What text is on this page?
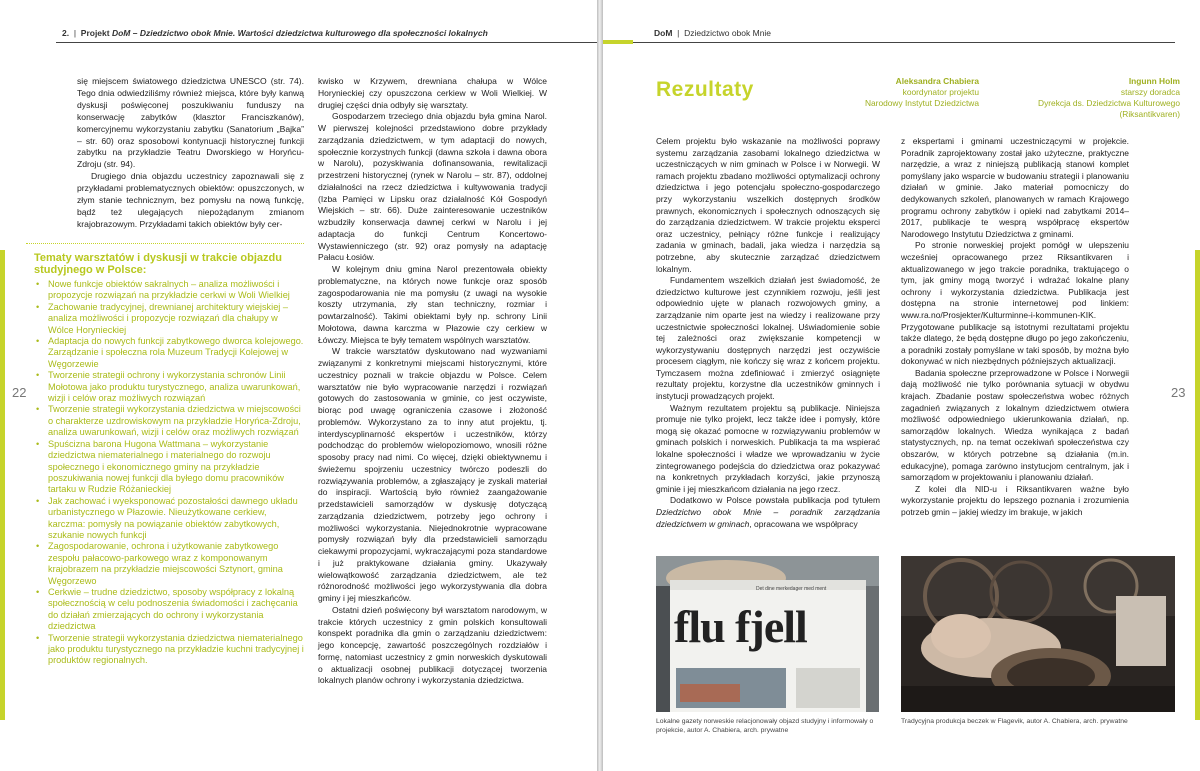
2. | Projekt DoM – Dziedzictwo obok Mnie. Wartości dziedzictwa kulturowego dla społeczności lokalnych
22

się miejscem światowego dziedzictwa UNESCO (str. 74). Tego dnia odwiedziliśmy również miejsca, które były kanwą dyskusji poświęconej poszukiwaniu funduszy na konserwację zabytków (klasztor Franciszkanów), komercyjnemu wykorzystaniu zabytku (Sanatorium „Bajka” – str. 60) oraz sposobowi kontynuacji historycznej funkcji zabytku na przykładzie Teatru Dworskiego w Horyńcu-Zdroju (str. 94).

Drugiego dnia objazdu uczestnicy zapoznawali się z przykładami problematycznych obiektów: opuszczonych, w złym stanie technicznym, bez pomysłu na nową funkcję, bądź też ulegających niepożądanym zmianom krajobrazowym. Przykładami takich obiektów były cer-

Tematy warsztatów i dyskusji w trakcie objazdu studyjnego w Polsce:
• Nowe funkcje obiektów sakralnych – analiza możliwości i propozycje rozwiązań na przykładzie cerkwi w Woli Wielkiej
• Zachowanie tradycyjnej, drewnianej architektury wiejskiej – analiza możliwości i propozycje rozwiązań dla chałupy w Wólce Horynieckiej
• Adaptacja do nowych funkcji zabytkowego dworca kolejowego. Zarządzanie i społeczna rola Muzeum Tradycji Kolejowej w Węgorzewie
• Tworzenie strategii ochrony i wykorzystania schronów Linii Mołotowa jako produktu turystycznego, analiza uwarunkowań, wizji i celów oraz możliwych rozwiązań
• Tworzenie strategii wykorzystania dziedzictwa w miejscowości o charakterze uzdrowiskowym na przykładzie Horyńca-Zdroju, analiza uwarunkowań, wizji i celów oraz możliwych rozwiązań
• Spuścizna barona Hugona Wattmana – wykorzystanie dziedzictwa niematerialnego i materialnego do rozwoju społecznego i ekonomicznego gminy na przykładzie poszukiwania nowej funkcji dla byłego domu pracowników tartaku w Rudzie Różanieckiej
• Jak zachować i wyeksponować pozostałości dawnego układu urbanistycznego w Płazowie. Nieużytkowane cerkiew, karczma: pomysły na powiązanie obiektów zabytkowych, szukanie nowych funkcji
• Zagospodarowanie, ochrona i użytkowanie zabytkowego zespołu pałacowo-parkowego wraz z komponowanym krajobrazem na przykładzie miejscowości Sztynort, gmina Węgorzewo
• Cerkwie – trudne dziedzictwo, sposoby współpracy z lokalną społecznością w celu podnoszenia świadomości i zachęcania do działań zmierzających do ochrony i wykorzystania dziedzictwa
• Tworzenie strategii wykorzystania dziedzictwa niematerialnego jako produktu turystycznego na przykładzie kuchni tradycyjnej i produktów regionalnych.

kwisko w Krzywem, drewniana chałupa w Wólce Horynieckiej czy opuszczona cerkiew w Woli Wielkiej. W drugiej części dnia odbyły się warsztaty.

Gospodarzem trzeciego dnia objazdu była gmina Narol. W pierwszej kolejności przedstawiono dobre przykłady zarządzania dziedzictwem, w tym adaptacji do nowych, społecznie korzystnych funkcji (dawna szkoła i dawna obora w Narolu), pozyskiwania dofinansowania, rewitalizacji przestrzeni historycznej (rynek w Narolu – str. 87), oddolnej działalności na rzecz dziedzictwa i kultywowania tradycji (Izba Pamięci w Lipsku oraz działalność Kół Gospodyń Wiejskich – str. 66). Duże zainteresowanie uczestników wzbudziły konserwacja dawnej cerkwi w Narolu i jej adaptacja do funkcji Centrum Koncertowo-Wystawienniczego (str. 92) oraz pomysły na adaptację Pałacu Łosiów.

W kolejnym dniu gmina Narol prezentowała obiekty problematyczne, na których nowe funkcje oraz sposób zagospodarowania nie ma pomysłu (z uwagi na wysokie koszty utrzymania, zły stan techniczny, rozmiar i powtarzalność). Takimi obiektami były np. schrony Linii Mołotowa, dawna karczma w Płazowie czy cerkiew w Łówczy. Miejsca te były tematem wspólnych warsztatów.

W trakcie warsztatów dyskutowano nad wyzwaniami związanymi z konkretnymi miejscami historycznymi, które uczestnicy poznali w trakcie objazdu w Polsce. Celem warsztatów nie było wypracowanie narzędzi i rozwiązań gotowych do zastosowania w gminie, co jest oczywiste, biorąc pod uwagę ograniczenia czasowe i złożoność problemów. Wykorzystano za to inny atut projektu, tj. interdyscyplinarność ekspertów i uczestników, którzy podchodząc do problemów wielopoziomowo, wnosili różne sposoby pracy nad nimi. Co więcej, dzięki obiektywnemu i świeżemu spojrzeniu uczestnicy twórczo podeszli do rozwiązywania problemów, a zgłaszający je zyskali materiał do inspiracji. Wartością było również zaangażowanie przedstawicieli samorządów w dyskusję dotyczącą zarządzania dziedzictwem, potrzeby jego ochrony i możliwości wykorzystania. Niejednokrotnie wypracowane pomysły rozwiązań były dla przedstawicieli samorządu ciekawymi propozycjami, wykraczającymi poza standardowe i już praktykowane działania gminy. Ukazywały wielowątkowość zarządzania dziedzictwem, ale też różnorodność możliwości jego wykorzystywania dla dobra gminy i jej mieszkańców.

Ostatni dzień poświęcony był warsztatom narodowym, w trakcie których uczestnicy z gmin polskich konsultowali konspekt poradnika dla gmin o zarządzaniu dziedzictwem: jego koncepcję, zawartość poszczególnych rozdziałów i formę, natomiast uczestnicy z gmin norweskich dyskutowali o aktualizacji osobnej publikacji dotyczącej tworzenia lokalnych planów ochrony i wykorzystania dziedzictwa.

DoM | Dziedzictwo obok Mnie
23
Rezultaty	Aleksandra Chabiera
koordynator projektu
Narodowy Instytut Dziedzictwa
Ingunn Holm
starszy doradca
Dyrekcja ds. Dziedzictwa Kulturowego
(Riksantikvaren)

Celem projektu było wskazanie na możliwości poprawy systemu zarządzania zasobami lokalnego dziedzictwa w uczestniczących w nim gminach w Polsce i w Norwegii. W ramach projektu zbadano możliwości optymalizacji ochrony dziedzictwa i jego potencjału społeczno-gospodarczego przy wykorzystaniu wszelkich dostępnych środków prawnych, ekonomicznych i społecznych odnoszących się do zarządzania dziedzictwem. W trakcie projektu eksperci oraz uczestnicy, pełniący różne funkcje i realizujący zadania w gminach, badali, jaka wiedza i narzędzia są potrzebne, aby skutecznie zarządzać dziedzictwem lokalnym.

Fundamentem wszelkich działań jest świadomość, że dziedzictwo kulturowe jest czynnikiem rozwoju, jeśli jest odpowiednio ujęte w planach rozwojowych gminy, a zarządzanie nim oparte jest na wiedzy i realizowane przy uczestnictwie społeczności lokalnej. Uświadomienie sobie tej zależności oraz zwiększanie kompetencji w wykorzystywaniu dostępnych narzędzi jest oczywiście procesem ciągłym, nie kończy się wraz z końcem projektu. Tymczasem można zdefiniować i zmierzyć osiągnięte rezultaty projektu, korzystne dla uczestników gminnych i instytucji prowadzących projekt.

Ważnym rezultatem projektu są publikacje. Niniejsza promuje nie tylko projekt, lecz także idee i pomysły, które mogą się okazać pomocne w rozwiązywaniu problemów w gminach polskich i norweskich. Publikacja ta ma wspierać lokalne społeczności i władze we wprowadzaniu w życie zintegrowanego podejścia do dziedzictwa oraz pokazywać na konkretnych przykładach korzyści, jakie przynoszą gminie i jej mieszkańcom działania na jego rzecz.

Dodatkowo w Polsce powstała publikacja pod tytułem Dziedzictwo obok Mnie – poradnik zarządzania dziedzictwem w gminach, opracowana we współpracy

z ekspertami i gminami uczestniczącymi w projekcie. Poradnik zaprojektowany został jako użyteczne, praktyczne narzędzie, a wraz z niniejszą publikacją stanowi komplet pomyślany jako wsparcie w budowaniu strategii i planowaniu działań w gminie. Jako materiał pomocniczy do dedykowanych szkoleń, planowanych w ramach Krajowego programu ochrony zabytków i opieki nad zabytkami 2014–2017, publikacje te wesprą współpracę ekspertów Narodowego Instytutu Dziedzictwa z gminami.

Po stronie norweskiej projekt pomógł w ulepszeniu wcześniej opracowanego przez Riksantikvaren i aktualizowanego w jego trakcie poradnika, traktującego o tym, jak gminy mogą tworzyć i wdrażać lokalne plany ochrony i wykorzystania dziedzictwa. Publikacja jest dostępna na stronie internetowej pod linkiem: www.ra.no/Prosjekter/Kulturminne-i-kommunen-KIK. Przygotowane publikacje są istotnymi rezultatami projektu także dlatego, że będą dostępne długo po jego zakończeniu, a poradniki zostały pomyślane w taki sposób, by można było dokonywać w nich niezbędnych późniejszych aktualizacji.

Badania społeczne przeprowadzone w Polsce i Norwegii dają możliwość nie tylko porównania sytuacji w obydwu krajach. Zbadanie postaw społeczeństwa wobec różnych zagadnień związanych z lokalnym dziedzictwem otwiera możliwość odpowiedniego ukierunkowania działań, np. samorządów lokalnych. Wiedza wynikająca z badań statystycznych, np. na temat oczekiwań społeczeństwa czy obszarów, w których potrzebne są działania (m.in. edukacyjne), pomaga zarówno instytucjom centralnym, jak i samorządom w projektowaniu i planowaniu działań.

Z kolei dla NID-u i Riksantikvaren ważne było wykorzystanie projektu do lepszego poznania i zrozumienia potrzeb gmin – jakiej wiedzy im brakuje, w jakich

flu fjell
Det dine merkedager med ment
Lokalne gazety norweskie relacjonowały objazd studyjny i informowały o projekcie, autor A. Chabiera, arch. prywatne
Tradycyjna produkcja beczek w Flagevik, autor A. Chabiera, arch. prywatne
